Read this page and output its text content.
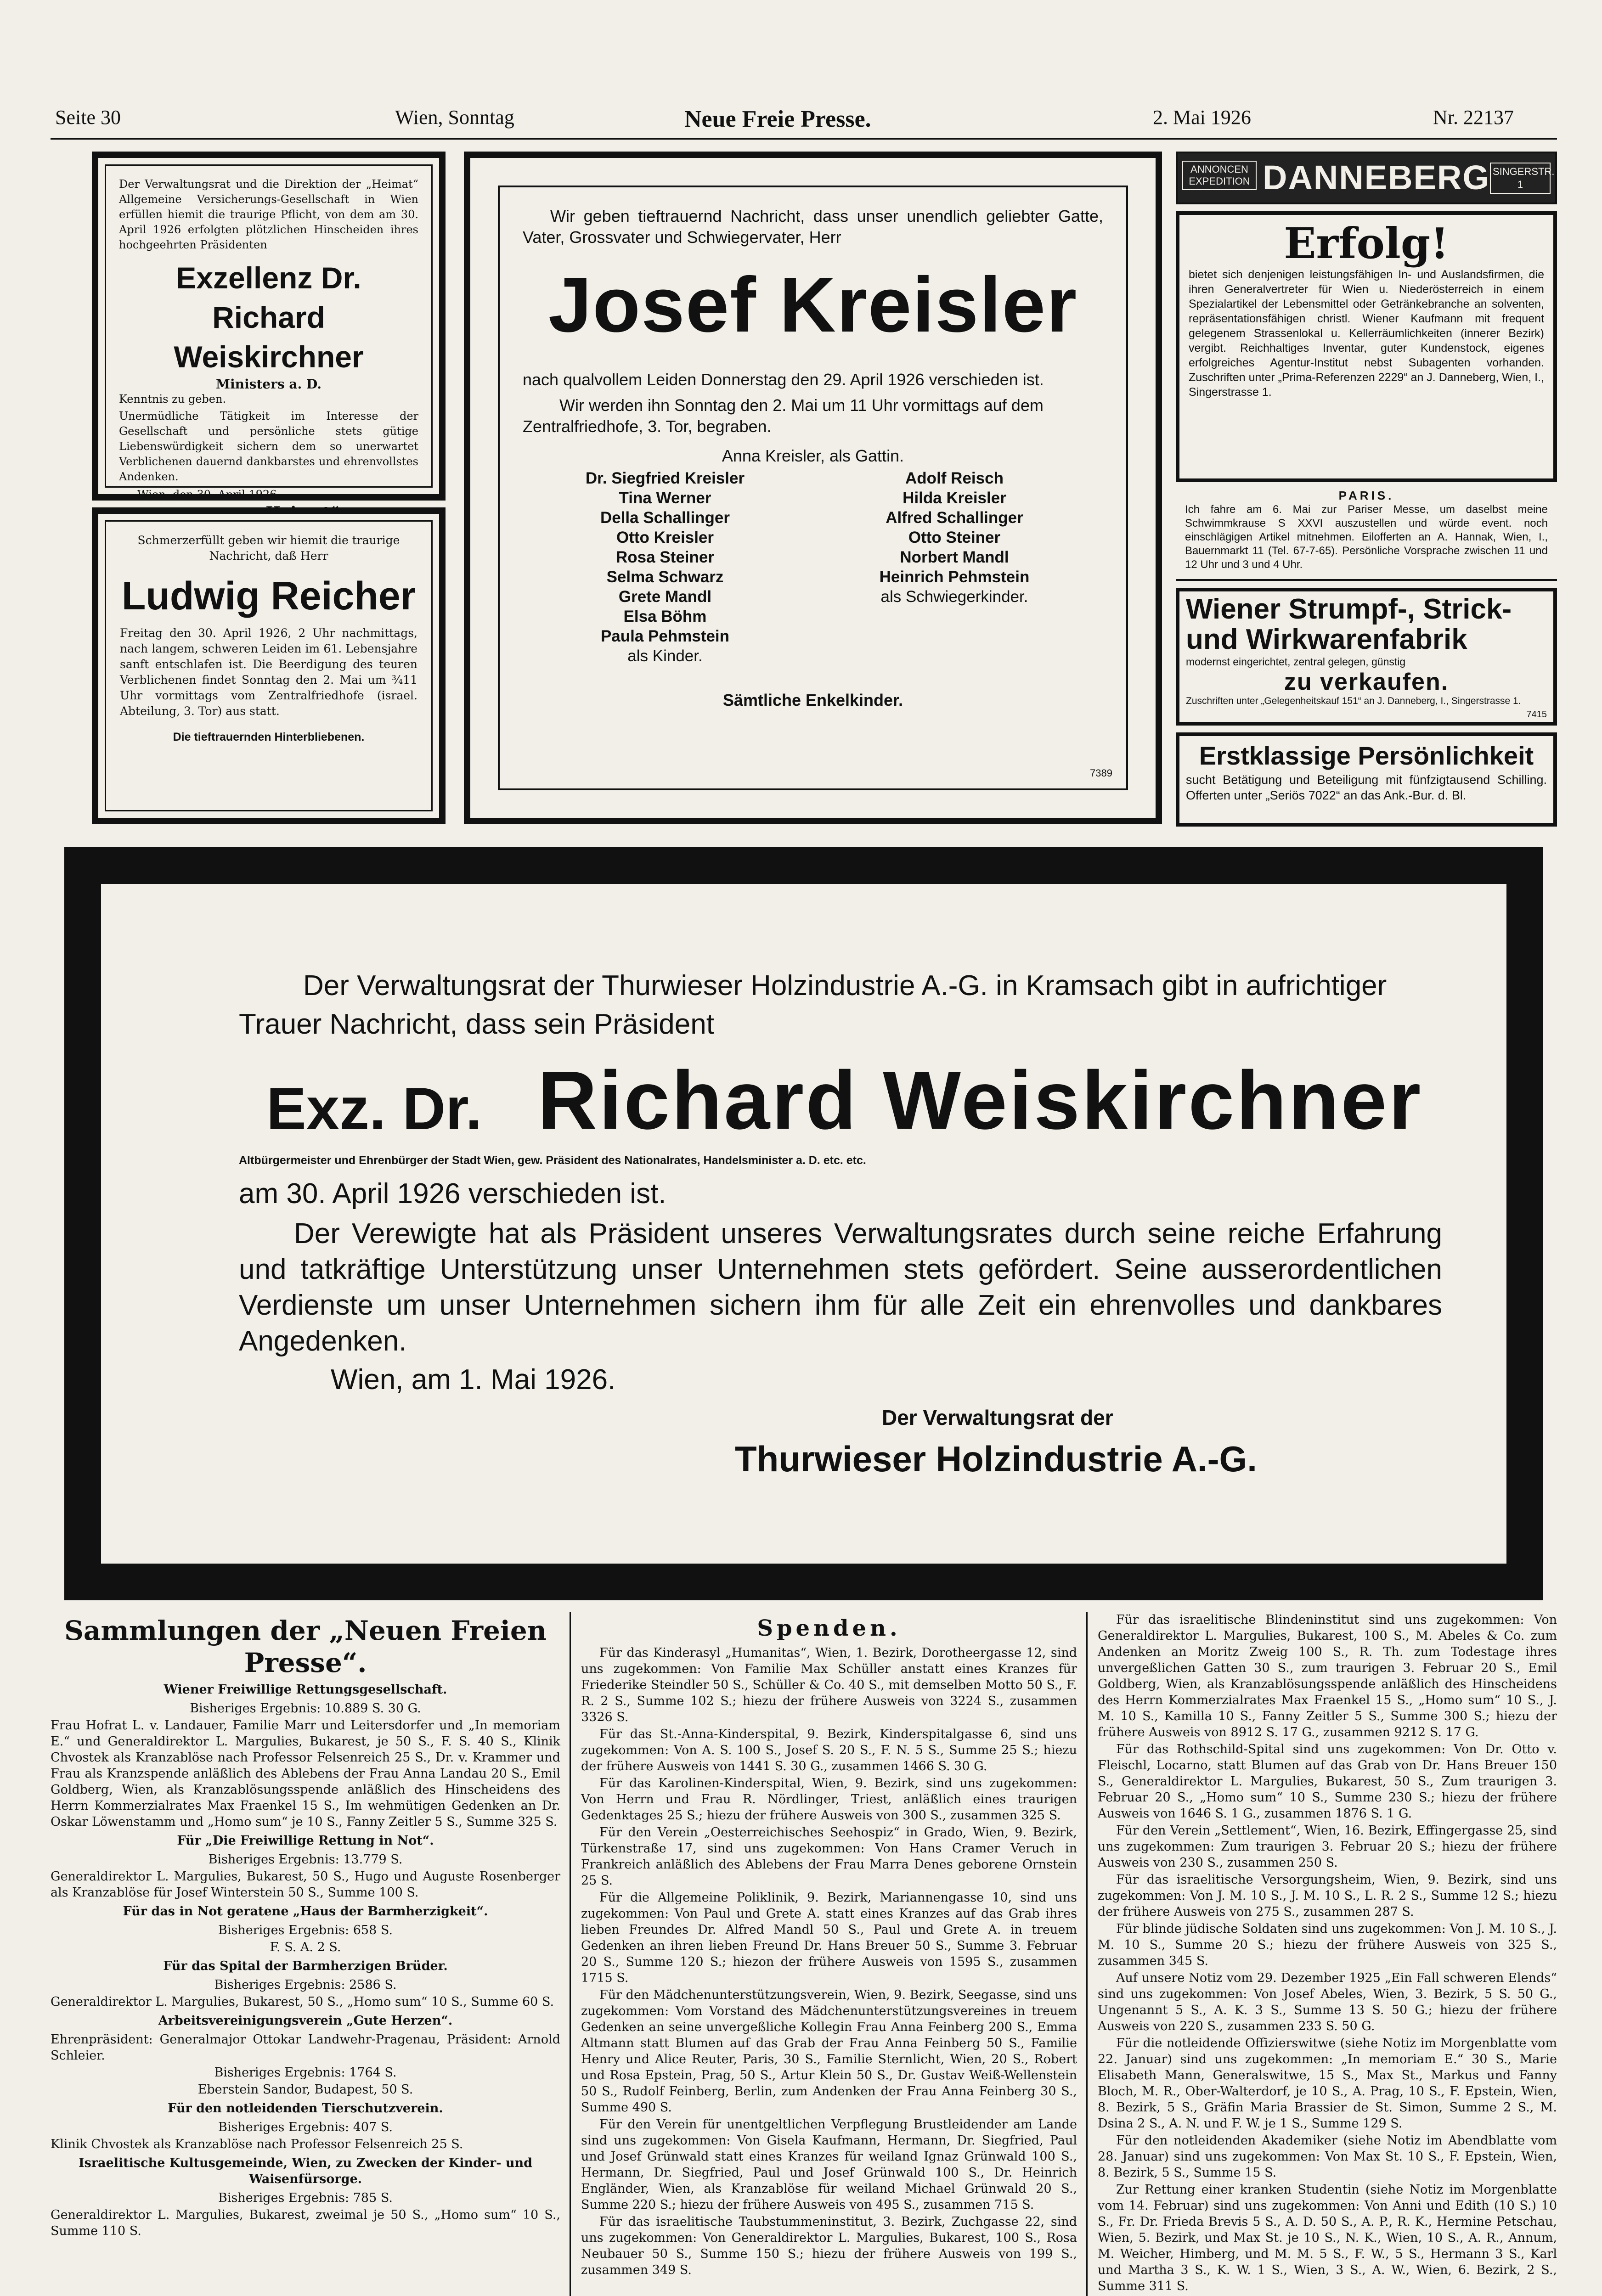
Seite 30	Wien, Sonntag	Neue Freie Presse.	2. Mai 1926	Nr. 22137
Der Verwaltungsrat und die Direktion der „Heimat“ Allgemeine Versicherungs-Gesellschaft in Wien erfüllen hiemit die traurige Pflicht, von dem am 30. April 1926 erfolgten plötzlichen Hinscheiden ihres hochgeehrten Präsidenten
Exzellenz Dr. Richard Weiskirchner
Ministers a. D.
Kenntnis zu geben.
Unermüdliche Tätigkeit im Interesse der Gesellschaft und persönliche stets gütige Liebenswürdigkeit sichern dem so unerwartet Verblichenen dauernd dankbarstes und ehrenvollstes Andenken.
Wien, den 30. April 1926.
Schmerzerfüllt geben wir hiemit die traurige Nachricht, daß Herr
Ludwig Reicher
Freitag den 30. April 1926, 2 Uhr nachmittags, nach langem, schweren Leiden im 61. Lebensjahre sanft entschlafen ist. Die Beerdigung des teuren Verblichenen findet Sonntag den 2. Mai um ¾11 Uhr vormittags vom Zentralfriedhofe (israel. Abteilung, 3. Tor) aus statt.
Die tieftrauernden Hinterbliebenen.
Wir geben tieftrauernd Nachricht, dass unser unendlich geliebter Gatte, Vater, Grossvater und Schwiegervater, Herr
Josef Kreisler
nach qualvollem Leiden Donnerstag den 29. April 1926 verschieden ist.
Wir werden ihn Sonntag den 2. Mai um 11 Uhr vormittags auf dem Zentralfriedhofe, 3. Tor, begraben.
Anna Kreisler, als Gattin.
Dr. Siegfried Kreisler
Tina Werner
Della Schallinger
Otto Kreisler
Rosa Steiner
Selma Schwarz
Grete Mandl
Elsa Böhm
Paula Pehmstein
als Kinder.
Adolf Reisch
Hilda Kreisler
Alfred Schallinger
Otto Steiner
Norbert Mandl
Heinrich Pehmstein
als Schwiegerkinder.
Sämtliche Enkelkinder.
7389
ANNONCEN EXPEDITION DANNEBERG SINGERSTR. 1
Erfolg!
bietet sich denjenigen leistungsfähigen In- und Auslandsfirmen, die ihren Generalvertreter für Wien u. Niederösterreich in einem Spezialartikel der Lebensmittel oder Getränkebranche an solventen, repräsentationsfähigen christl. Wiener Kaufmann mit frequent gelegenem Strassenlokal u. Kellerräumlichkeiten (innerer Bezirk) vergibt. Reichhaltiges Inventar, guter Kundenstock, eigenes erfolgreiches Agentur-Institut nebst Subagenten vorhanden. Zuschriften unter „Prima-Referenzen 2229“ an J. Danneberg, Wien, I., Singerstrasse 1.
PARIS.
Ich fahre am 6. Mai zur Pariser Messe, um daselbst meine Schwimmkrause S XXVI auszustellen und würde event. noch einschlägigen Artikel mitnehmen. Eilofferten an A. Hannak, Wien, I., Bauernmarkt 11 (Tel. 67-7-65). Persönliche Vorsprache zwischen 11 und 12 Uhr und 3 und 4 Uhr.
Wiener Strumpf-, Strick-
und Wirkwarenfabrik
modernst eingerichtet, zentral gelegen, günstig
zu verkaufen.
Zuschriften unter „Gelegenheitskauf 151“ an J. Danneberg, I., Singerstrasse 1.
7415
Erstklassige Persönlichkeit
sucht Betätigung und Beteiligung mit fünfzigtausend Schilling. Offerten unter „Seriös 7022“ an das Ank.-Bur. d. Bl.
Der Verwaltungsrat der Thurwieser Holzindustrie A.-G. in Kramsach gibt in aufrichtiger Trauer Nachricht, dass sein Präsident
Exz. Dr. Richard Weiskirchner
Altbürgermeister und Ehrenbürger der Stadt Wien, gew. Präsident des Nationalrates, Handelsminister a. D. etc. etc.
am 30. April 1926 verschieden ist.
Der Verewigte hat als Präsident unseres Verwaltungsrates durch seine reiche Erfahrung und tatkräftige Unterstützung unser Unternehmen stets gefördert. Seine ausserordentlichen Verdienste um unser Unternehmen sichern ihm für alle Zeit ein ehrenvolles und dankbares Angedenken.
Wien, am 1. Mai 1926.
Der Verwaltungsrat der
Thurwieser Holzindustrie A.-G.
Sammlungen der „Neuen Freien Presse“.

Wiener Freiwillige Rettungsgesellschaft.

Bisheriges Ergebnis: 10.889 S. 30 G.

Frau Hofrat L. v. Landauer, Familie Marr und Leitersdorfer und „In memoriam E.“ und Generaldirektor L. Margulies, Bukarest, je 50 S., F. S. 40 S., Klinik Chvostek als Kranzablöse nach Professor Felsenreich 25 S., Dr. v. Krammer und Frau als Kranzspende anläßlich des Ablebens der Frau Anna Landau 20 S., Emil Goldberg, Wien, als Kranzablösungsspende anläßlich des Hinscheidens des Herrn Kommerzialrates Max Fraenkel 15 S., Im wehmütigen Gedenken an Dr. Oskar Löwenstamm und „Homo sum“ je 10 S., Fanny Zeitler 5 S., Summe 325 S.

Für „Die Freiwillige Rettung in Not“.

Bisheriges Ergebnis: 13.779 S.

Generaldirektor L. Margulies, Bukarest, 50 S., Hugo und Auguste Rosenberger als Kranzablöse für Josef Winterstein 50 S., Summe 100 S.

Für das in Not geratene „Haus der Barmherzigkeit“.

Bisheriges Ergebnis: 658 S.

F. S. A. 2 S.

Für das Spital der Barmherzigen Brüder.

Bisheriges Ergebnis: 2586 S.

Generaldirektor L. Margulies, Bukarest, 50 S., „Homo sum“ 10 S., Summe 60 S.

Arbeitsvereinigungsverein „Gute Herzen“.

Ehrenpräsident: Generalmajor Ottokar Landwehr-Pragenau, Präsident: Arnold Schleier.

Bisheriges Ergebnis: 1764 S.

Eberstein Sandor, Budapest, 50 S.

Für den notleidenden Tierschutzverein.

Bisheriges Ergebnis: 407 S.

Klinik Chvostek als Kranzablöse nach Professor Felsenreich 25 S.

Israelitische Kultusgemeinde, Wien, zu Zwecken der Kinder- und Waisenfürsorge.

Bisheriges Ergebnis: 785 S.

Generaldirektor L. Margulies, Bukarest, zweimal je 50 S., „Homo sum“ 10 S., Summe 110 S.

Spenden.

Für das Kinderasyl „Humanitas“, Wien, 1. Bezirk, Dorotheergasse 12, sind uns zugekommen: Von Familie Max Schüller anstatt eines Kranzes für Friederike Steindler 50 S., Schüller & Co. 40 S., mit demselben Motto 50 S., F. R. 2 S., Summe 102 S.; hiezu der frühere Ausweis von 3224 S., zusammen 3326 S.

Für das St.-Anna-Kinderspital, 9. Bezirk, Kinderspitalgasse 6, sind uns zugekommen: Von A. S. 100 S., Josef S. 20 S., F. N. 5 S., Summe 25 S.; hiezu der frühere Ausweis von 1441 S. 30 G., zusammen 1466 S. 30 G.

Für das Karolinen-Kinderspital, Wien, 9. Bezirk, sind uns zugekommen: Von Herrn und Frau R. Nördlinger, Triest, anläßlich eines traurigen Gedenktages 25 S.; hiezu der frühere Ausweis von 300 S., zusammen 325 S.

Für den Verein „Oesterreichisches Seehospiz“ in Grado, Wien, 9. Bezirk, Türkenstraße 17, sind uns zugekommen: Von Hans Cramer Veruch in Frankreich anläßlich des Ablebens der Frau Marra Denes geborene Ornstein 25 S.

Für die Allgemeine Poliklinik, 9. Bezirk, Mariannengasse 10, sind uns zugekommen: Von Paul und Grete A. statt eines Kranzes auf das Grab ihres lieben Freundes Dr. Alfred Mandl 50 S., Paul und Grete A. in treuem Gedenken an ihren lieben Freund Dr. Hans Breuer 50 S., Summe 3. Februar 20 S., Summe 120 S.; hiezon der frühere Ausweis von 1595 S., zusammen 1715 S.

Für den Mädchenunterstützungsverein, Wien, 9. Bezirk, Seegasse, sind uns zugekommen: Vom Vorstand des Mädchenunterstützungsvereines in treuem Gedenken an seine unvergeßliche Kollegin Frau Anna Feinberg 200 S., Emma Altmann statt Blumen auf das Grab der Frau Anna Feinberg 50 S., Familie Henry und Alice Reuter, Paris, 30 S., Familie Sternlicht, Wien, 20 S., Robert und Rosa Epstein, Prag, 50 S., Artur Klein 50 S., Dr. Gustav Weiß-Wellenstein 50 S., Rudolf Feinberg, Berlin, zum Andenken der Frau Anna Feinberg 30 S., Summe 490 S.

Für den Verein für unentgeltlichen Verpflegung Brustleidender am Lande sind uns zugekommen: Von Gisela Kaufmann, Hermann, Dr. Siegfried, Paul und Josef Grünwald statt eines Kranzes für weiland Ignaz Grünwald 100 S., Hermann, Dr. Siegfried, Paul und Josef Grünwald 100 S., Dr. Heinrich Engländer, Wien, als Kranzablöse für weiland Michael Grünwald 20 S., Summe 220 S.; hiezu der frühere Ausweis von 495 S., zusammen 715 S.

Für das israelitische Taubstummeninstitut, 3. Bezirk, Zuchgasse 22, sind uns zugekommen: Von Generaldirektor L. Margulies, Bukarest, 100 S., Rosa Neubauer 50 S., Summe 150 S.; hiezu der frühere Ausweis von 199 S., zusammen 349 S.

Für das israelitische Blindeninstitut sind uns zugekommen: Von Generaldirektor L. Margulies, Bukarest, 100 S., M. Abeles & Co. zum Andenken an Moritz Zweig 100 S., R. Th. zum Todestage ihres unvergeßlichen Gatten 30 S., zum traurigen 3. Februar 20 S., Emil Goldberg, Wien, als Kranzablösungsspende anläßlich des Hinscheidens des Herrn Kommerzialrates Max Fraenkel 15 S., „Homo sum“ 10 S., J. M. 10 S., Kamilla 10 S., Fanny Zeitler 5 S., Summe 300 S.; hiezu der frühere Ausweis von 8912 S. 17 G., zusammen 9212 S. 17 G.

Für das Rothschild-Spital sind uns zugekommen: Von Dr. Otto v. Fleischl, Locarno, statt Blumen auf das Grab von Dr. Hans Breuer 150 S., Generaldirektor L. Margulies, Bukarest, 50 S., Zum traurigen 3. Februar 20 S., „Homo sum“ 10 S., Summe 230 S.; hiezu der frühere Ausweis von 1646 S. 1 G., zusammen 1876 S. 1 G.

Für den Verein „Settlement“, Wien, 16. Bezirk, Effingergasse 25, sind uns zugekommen: Zum traurigen 3. Februar 20 S.; hiezu der frühere Ausweis von 230 S., zusammen 250 S.

Für das israelitische Versorgungsheim, Wien, 9. Bezirk, sind uns zugekommen: Von J. M. 10 S., J. M. 10 S., L. R. 2 S., Summe 12 S.; hiezu der frühere Ausweis von 275 S., zusammen 287 S.

Für blinde jüdische Soldaten sind uns zugekommen: Von J. M. 10 S., J. M. 10 S., Summe 20 S.; hiezu der frühere Ausweis von 325 S., zusammen 345 S.

Auf unsere Notiz vom 29. Dezember 1925 „Ein Fall schweren Elends“ sind uns zugekommen: Von Josef Abeles, Wien, 3. Bezirk, 5 S. 50 G., Ungenannt 5 S., A. K. 3 S., Summe 13 S. 50 G.; hiezu der frühere Ausweis von 220 S., zusammen 233 S. 50 G.

Für die notleidende Offizierswitwe (siehe Notiz im Morgenblatte vom 22. Januar) sind uns zugekommen: „In memoriam E.“ 30 S., Marie Elisabeth Mann, Generalswitwe, 15 S., Max St., Markus und Fanny Bloch, M. R., Ober-Walterdorf, je 10 S., A. Prag, 10 S., F. Epstein, Wien, 8. Bezirk, 5 S., Gräfin Maria Brassier de St. Simon, Summe 2 S., M. Dsina 2 S., A. N. und F. W. je 1 S., Summe 129 S.

Für den notleidenden Akademiker (siehe Notiz im Abendblatte vom 28. Januar) sind uns zugekommen: Von Max St. 10 S., F. Epstein, Wien, 8. Bezirk, 5 S., Summe 15 S.

Zur Rettung einer kranken Studentin (siehe Notiz im Morgenblatte vom 14. Februar) sind uns zugekommen: Von Anni und Edith (10 S.) 10 S., Fr. Dr. Frieda Brevis 5 S., A. D. 50 S., A. P., R. K., Hermine Petschau, Wien, 5. Bezirk, und Max St. je 10 S., N. K., Wien, 10 S., A. R., Annum, M. Weicher, Himberg, und M. M. 5 S., F. W., 5 S., Hermann 3 S., Karl und Martha 3 S., K. W. 1 S., Wien, 3 S., A. W., Wien, 6. Bezirk, 2 S., Summe 311 S.
